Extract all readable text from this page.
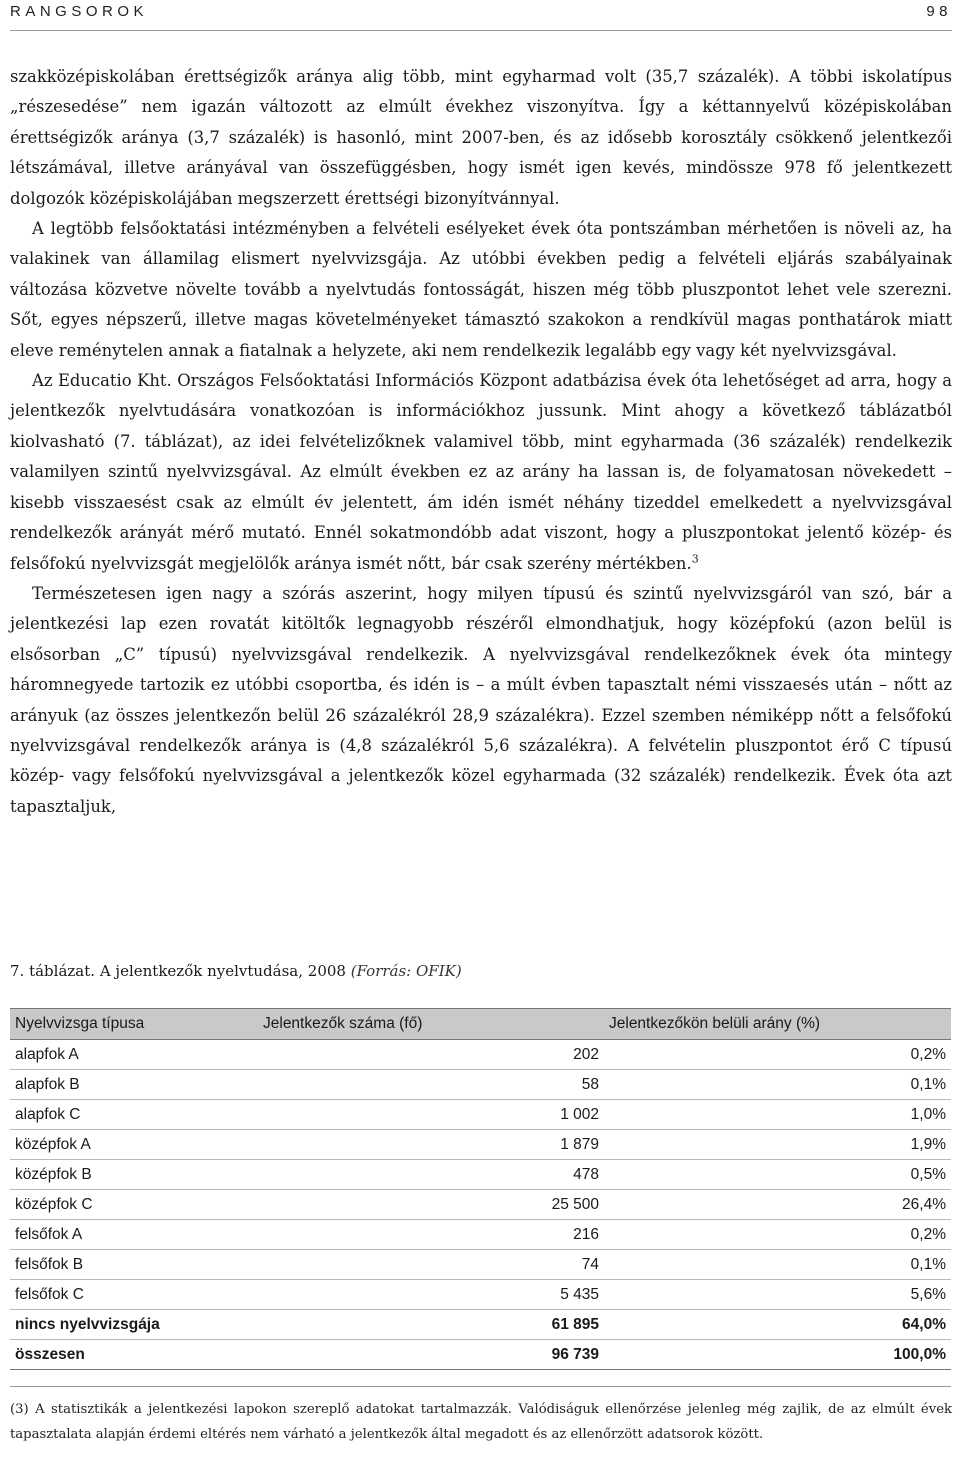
RANGSOROK	98

szakközépiskolában érettségizők aránya alig több, mint egyharmad volt (35,7 százalék). A többi iskolatípus „részesedése” nem igazán változott az elmúlt évekhez viszonyítva. Így a kéttannyelvű középiskolában érettségizők aránya (3,7 százalék) is hasonló, mint 2007-ben, és az idősebb korosztály csökkenő jelentkezői létszámával, illetve arányával van összefüggésben, hogy ismét igen kevés, mindössze 978 fő jelentkezett dolgozók középiskolájában megszerzett érettségi bizonyítvánnyal.

A legtöbb felsőoktatási intézményben a felvételi esélyeket évek óta pontszámban mérhetően is növeli az, ha valakinek van államilag elismert nyelvvizsgája. Az utóbbi években pedig a felvételi eljárás szabályainak változása közvetve növelte tovább a nyelvtudás fontosságát, hiszen még több pluszpontot lehet vele szerezni. Sőt, egyes népszerű, illetve magas követelményeket támasztó szakokon a rendkívül magas ponthatárok miatt eleve reménytelen annak a fiatalnak a helyzete, aki nem rendelkezik legalább egy vagy két nyelvvizsgával.

Az Educatio Kht. Országos Felsőoktatási Információs Központ adatbázisa évek óta lehetőséget ad arra, hogy a jelentkezők nyelvtudására vonatkozóan is információkhoz jussunk. Mint ahogy a következő táblázatból kiolvasható (7. táblázat), az idei felvételizőknek valamivel több, mint egyharmada (36 százalék) rendelkezik valamilyen szintű nyelvvizsgával. Az elmúlt években ez az arány ha lassan is, de folyamatosan növekedett – kisebb visszaesést csak az elmúlt év jelentett, ám idén ismét néhány tizeddel emelkedett a nyelvvizsgával rendelkezők arányát mérő mutató. Ennél sokatmondóbb adat viszont, hogy a pluszpontokat jelentő közép- és felsőfokú nyelvvizsgát megjelölők aránya ismét nőtt, bár csak szerény mértékben.$^3$

Természetesen igen nagy a szórás aszerint, hogy milyen típusú és szintű nyelvvizsgáról van szó, bár a jelentkezési lap ezen rovatát kitöltők legnagyobb részéről elmondhatjuk, hogy középfokú (azon belül is elsősorban „C” típusú) nyelvvizsgával rendelkezik. A nyelvvizsgával rendelkezőknek évek óta mintegy háromnegyede tartozik ez utóbbi csoportba, és idén is – a múlt évben tapasztalt némi visszaesés után – nőtt az arányuk (az összes jelentkezőn belül 26 százalékról 28,9 százalékra). Ezzel szemben némiképp nőtt a felsőfokú nyelvvizsgával rendelkezők aránya is (4,8 százalékról 5,6 százalékra). A felvételin pluszpontot érő C típusú közép- vagy felsőfokú nyelvvizsgával a jelentkezők közel egyharmada (32 százalék) rendelkezik. Évek óta azt tapasztaljuk,

7. táblázat. A jelentkezők nyelvtudása, 2008 (Forrás: OFIK)
Nyelvvizsga típusa	Jelentkezők száma (fő)	Jelentkezőkön belüli arány (%)
alapfok A	202	0,2%
alapfok B	58	0,1%
alapfok C	1 002	1,0%
középfok A	1 879	1,9%
középfok B	478	0,5%
középfok C	25 500	26,4%
felsőfok A	216	0,2%
felsőfok B	74	0,1%
felsőfok C	5 435	5,6%
nincs nyelvvizsgája	61 895	64,0%
összesen	96 739	100,0%
(3) A statisztikák a jelentkezési lapokon szereplő adatokat tartalmazzák. Valódiságuk ellenőrzése jelenleg még zajlik, de az elmúlt évek tapasztalata alapján érdemi eltérés nem várható a jelentkezők által megadott és az ellenőrzött adatsorok között.
